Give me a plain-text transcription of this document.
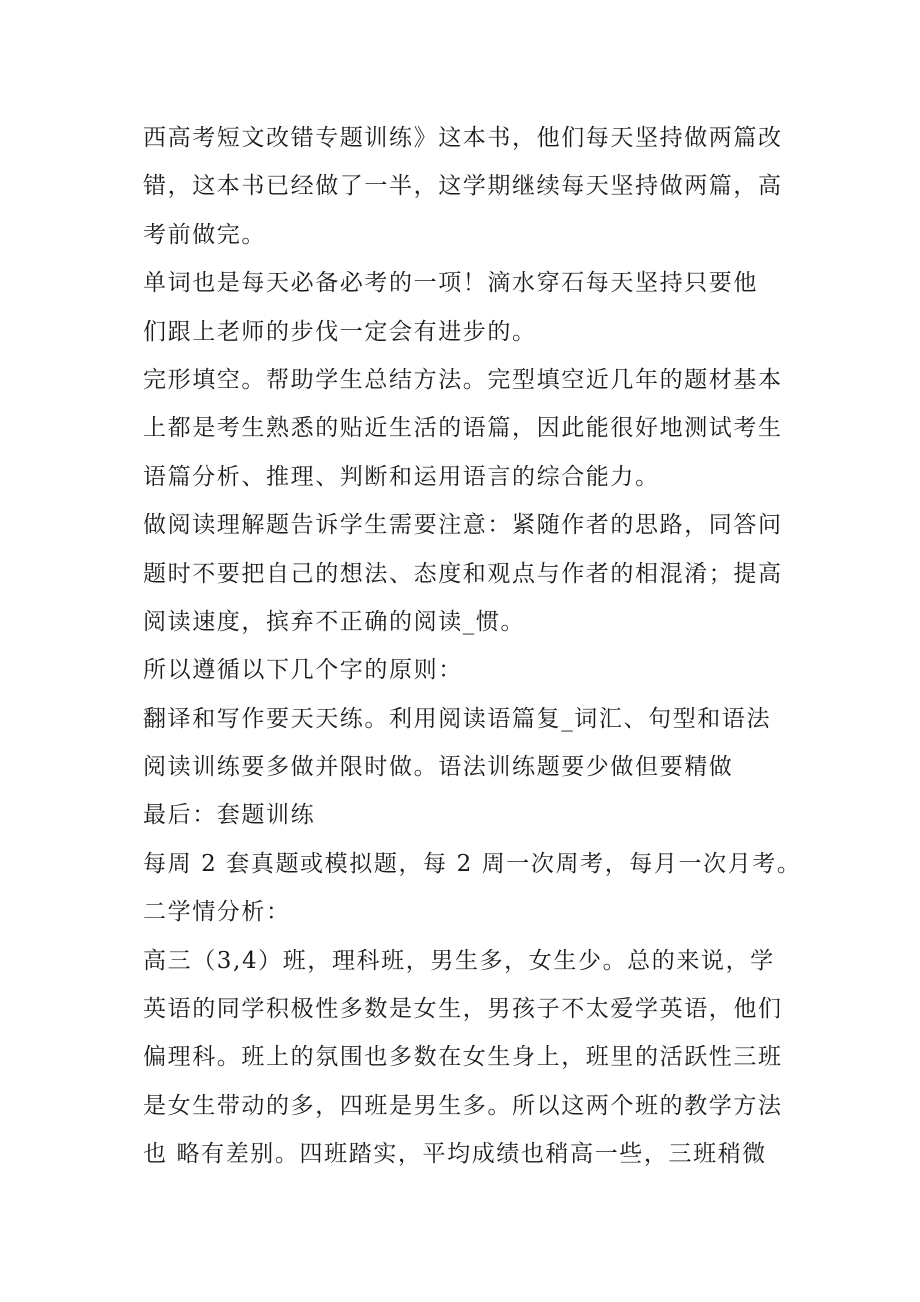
西高考短文改错专题训练》这本书，他们每天坚持做两篇改
错，这本书已经做了一半，这学期继续每天坚持做两篇，高
考前做完。
单词也是每天必备必考的一项！滴水穿石每天坚持只要他
们跟上老师的步伐一定会有进步的。
完形填空。帮助学生总结方法。完型填空近几年的题材基本
上都是考生熟悉的贴近生活的语篇，因此能很好地测试考生
语篇分析、推理、判断和运用语言的综合能力。
做阅读理解题告诉学生需要注意：紧随作者的思路，同答问
题时不要把自己的想法、态度和观点与作者的相混淆；提高
阅读速度，摈弃不正确的阅读_惯。
所以遵循以下几个字的原则：
翻译和写作要天天练。利用阅读语篇复_词汇、句型和语法
阅读训练要多做并限时做。语法训练题要少做但要精做
最后：套题训练
每周 2 套真题或模拟题，每 2 周一次周考，每月一次月考。
二学情分析：
高三（3,4）班，理科班，男生多，女生少。总的来说，学
英语的同学积极性多数是女生，男孩子不太爱学英语，他们
偏理科。班上的氛围也多数在女生身上，班里的活跃性三班
是女生带动的多，四班是男生多。所以这两个班的教学方法
也 略有差别。四班踏实，平均成绩也稍高一些，三班稍微
